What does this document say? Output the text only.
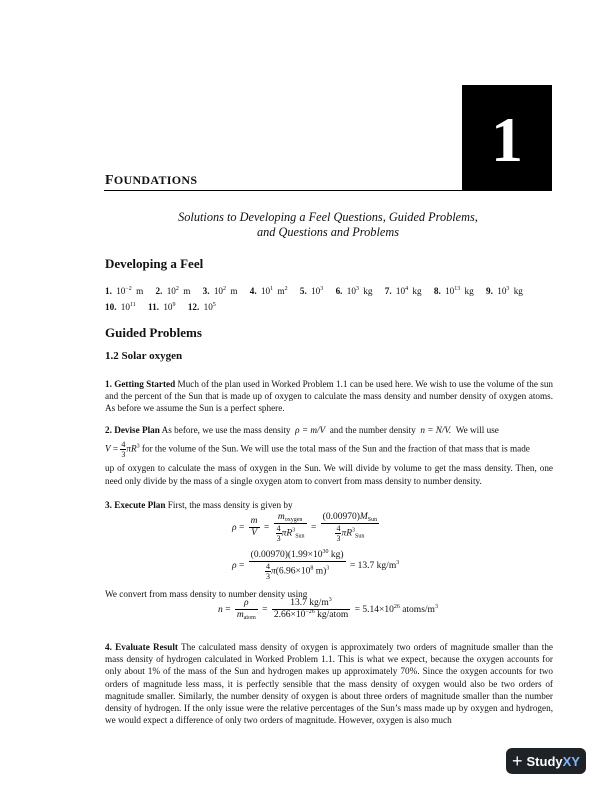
1
FOUNDATIONS
Solutions to Developing a Feel Questions, Guided Problems,
and Questions and Problems
Developing a Feel
1. $10^{-2}$ m 2. $10^2$ m 3. $10^2$ m 4. $10^1$ $m^2$ 5. $10^3$ 6. $10^3$ kg 7. $10^4$ kg 8. $10^{13}$ kg 9. $10^3$ kg 10. $10^{11}$ 11. $10^9$ 12. $10^5$
Guided Problems
1.2 Solar oxygen
1. Getting Started Much of the plan used in Worked Problem 1.1 can be used here. We wish to use the volume of the sun and the percent of the Sun that is made up of oxygen to calculate the mass density and number density of oxygen atoms. As before we assume the Sun is a perfect sphere.
2. Devise Plan As before, we use the mass density ρ = m/V and the number density n = N/V. We will use
$V = \frac{4}{3} \pi R^3$ for the volume of the Sun. We will use the total mass of the Sun and the fraction of that mass that is made
up of oxygen to calculate the mass of oxygen in the Sun. We will divide by volume to get the mass density. Then, one need only divide by the mass of a single oxygen atom to convert from mass density to number density.
3. Execute Plan First, the mass density is given by
$\rho = \frac{m}{V} = \frac{m_{oxygen}}{\frac{4}{3} \pi R^3_{Sun}} = \frac{(0.00970)M_{Sun}}{\frac{4}{3} \pi R^3_{Sun}}$
$\rho = \frac{(0.00970)(1.99\times 10^{30} kg)}{\frac{4}{3} \pi(6.96\times 10^8 m)^3} = 13.7$ $kg/m^3$
We convert from mass density to number density using
$n = \frac{\rho}{m_{atom}} = \frac{13.7 kg/m^3}{2.66\times 10^{-26} kg/atom} = 5.14\times 10^{26}$ atoms/$m^3$
4. Evaluate Result The calculated mass density of oxygen is approximately two orders of magnitude smaller than the mass density of hydrogen calculated in Worked Problem 1.1. This is what we expect, because the oxygen accounts for only about 1% of the mass of the Sun and hydrogen makes up approximately 70%. Since the oxygen accounts for two orders of magnitude less mass, it is perfectly sensible that the mass density of oxygen would also be two orders of magnitude smaller. Similarly, the number density of oxygen is about three orders of magnitude smaller than the number density of hydrogen. If the only issue were the relative percentages of the Sun’s mass made up by oxygen and hydrogen, we would expect a difference of only two orders of magnitude. However, oxygen is also much
+ Study XY
